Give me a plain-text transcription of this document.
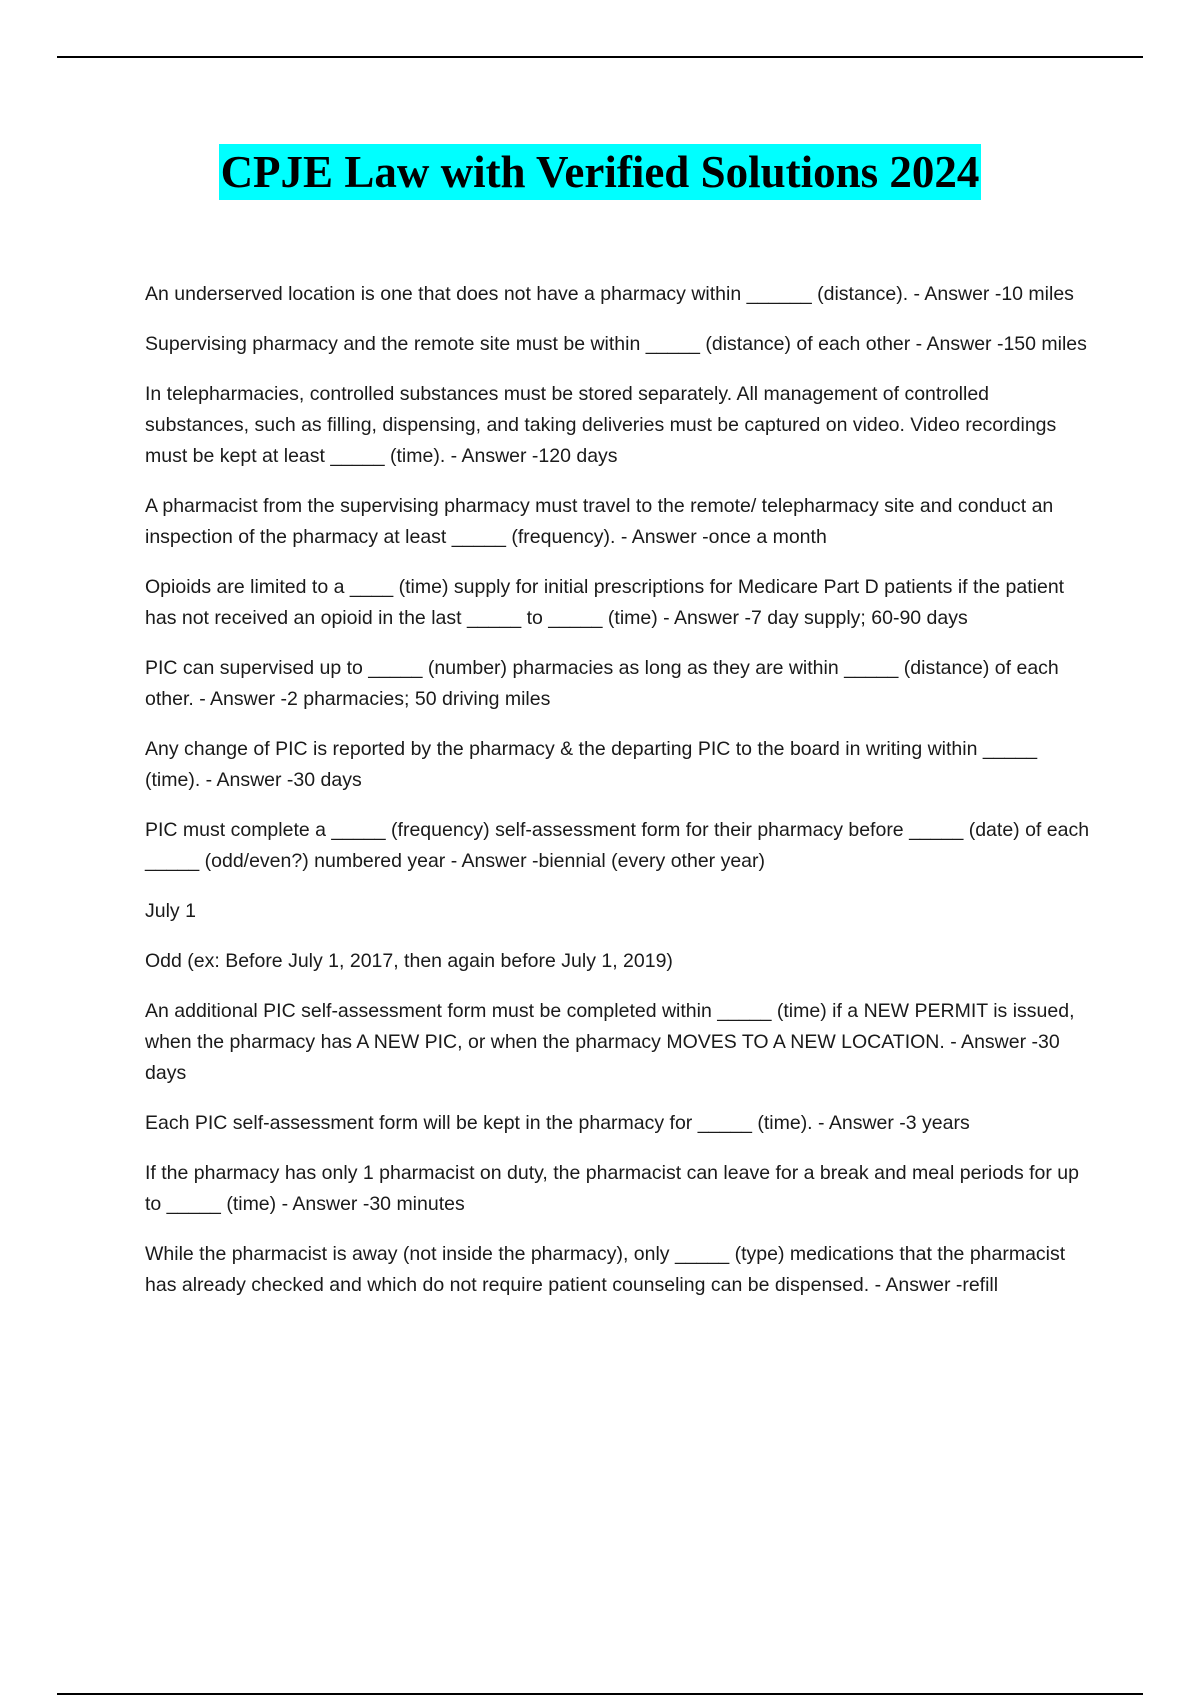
CPJE Law with Verified Solutions 2024

An underserved location is one that does not have a pharmacy within ______ (distance). - Answer -10 miles

Supervising pharmacy and the remote site must be within _____ (distance) of each other - Answer -150 miles

In telepharmacies, controlled substances must be stored separately. All management of controlled substances, such as filling, dispensing, and taking deliveries must be captured on video. Video recordings must be kept at least _____ (time). - Answer -120 days

A pharmacist from the supervising pharmacy must travel to the remote/ telepharmacy site and conduct an inspection of the pharmacy at least _____ (frequency). - Answer -once a month

Opioids are limited to a ____ (time) supply for initial prescriptions for Medicare Part D patients if the patient has not received an opioid in the last _____ to _____ (time) - Answer -7 day supply; 60-90 days

PIC can supervised up to _____ (number) pharmacies as long as they are within _____ (distance) of each other. - Answer -2 pharmacies; 50 driving miles

Any change of PIC is reported by the pharmacy & the departing PIC to the board in writing within _____ (time). - Answer -30 days

PIC must complete a _____ (frequency) self-assessment form for their pharmacy before _____ (date) of each _____ (odd/even?) numbered year - Answer -biennial (every other year)

July 1

Odd (ex: Before July 1, 2017, then again before July 1, 2019)

An additional PIC self-assessment form must be completed within _____ (time) if a NEW PERMIT is issued, when the pharmacy has A NEW PIC, or when the pharmacy MOVES TO A NEW LOCATION. - Answer -30 days

Each PIC self-assessment form will be kept in the pharmacy for _____ (time). - Answer -3 years

If the pharmacy has only 1 pharmacist on duty, the pharmacist can leave for a break and meal periods for up to _____ (time) - Answer -30 minutes

While the pharmacist is away (not inside the pharmacy), only _____ (type) medications that the pharmacist has already checked and which do not require patient counseling can be dispensed. - Answer -refill
